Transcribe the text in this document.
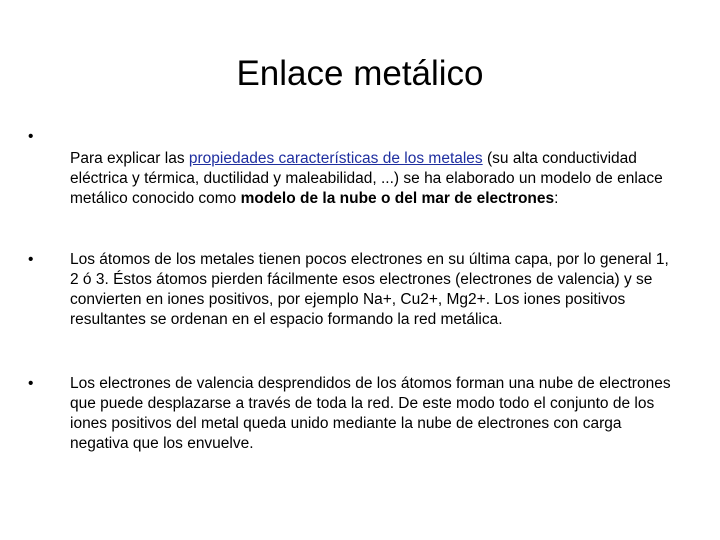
Enlace metálico
•
Para explicar las propiedades características de los metales (su alta conductividad eléctrica y térmica, ductilidad y maleabilidad, ...) se ha elaborado un modelo de enlace metálico conocido como modelo de la nube o del mar de electrones:
•	Los átomos de los metales tienen pocos electrones en su última capa, por lo general 1, 2 ó 3. Éstos átomos pierden fácilmente esos electrones (electrones de valencia) y se convierten en iones positivos, por ejemplo Na+, Cu2+, Mg2+. Los iones positivos resultantes se ordenan en el espacio formando la red metálica.
•	Los electrones de valencia desprendidos de los átomos forman una nube de electrones que puede desplazarse a través de toda la red. De este modo todo el conjunto de los iones positivos del metal queda unido mediante la nube de electrones con carga negativa que los envuelve.
